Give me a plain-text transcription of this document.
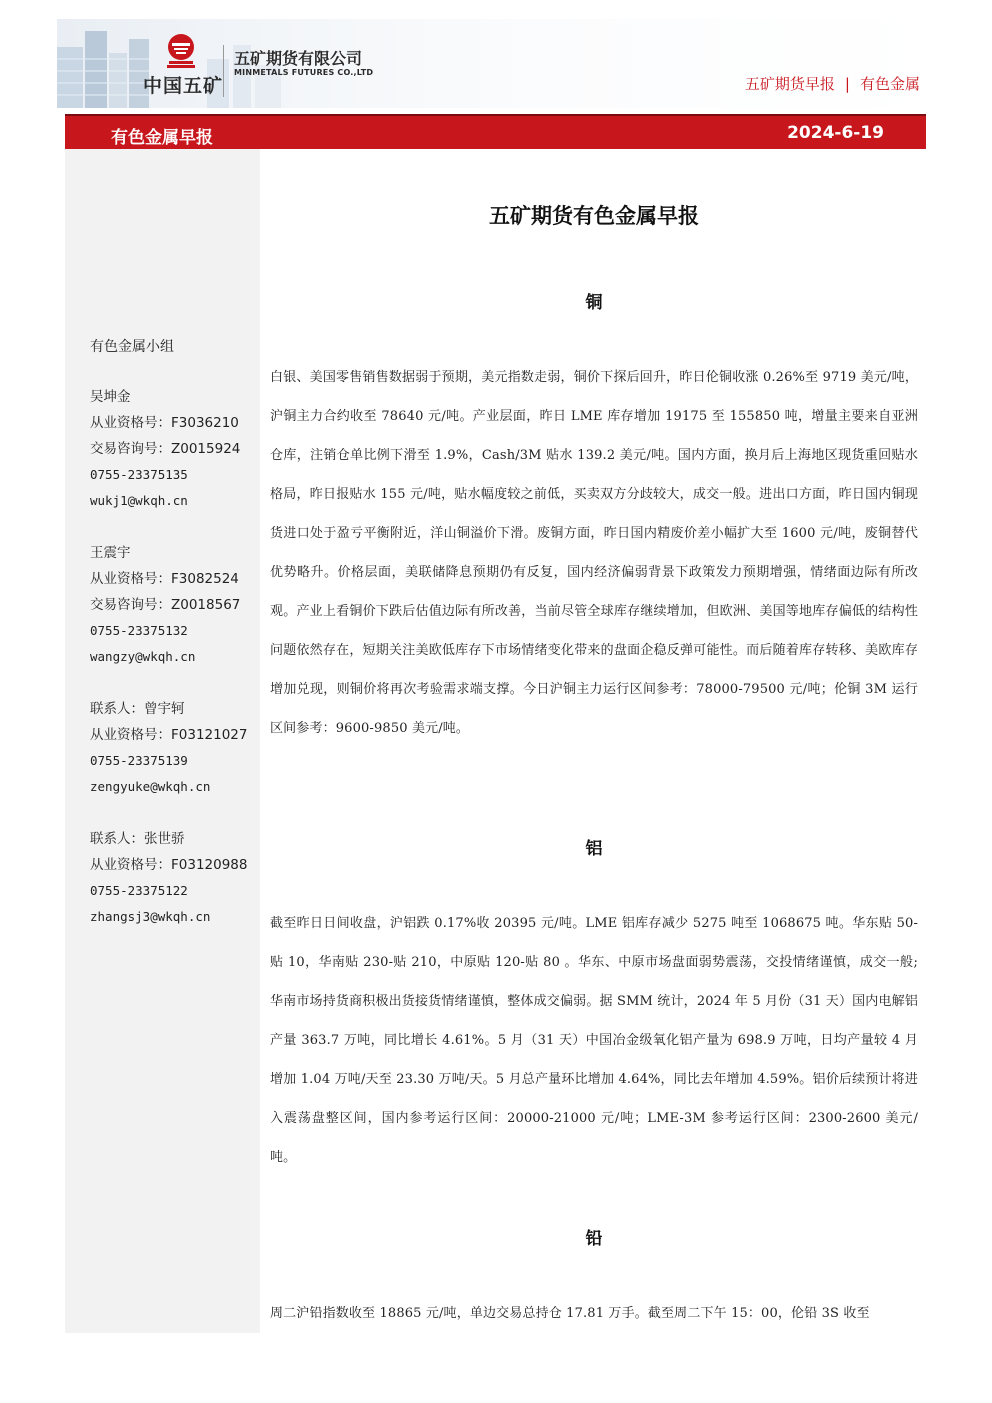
中国五矿
五矿期货有限公司
MINMETALS FUTURES CO.,LTD
五矿期货早报 | 有色金属
有色金属早报	2024-6-19
有色金属小组
吴坤金
从业资格号：F3036210
交易咨询号：Z0015924
0755-23375135
wukj1@wkqh.cn
王震宇
从业资格号：F3082524
交易咨询号：Z0018567
0755-23375132
wangzy@wkqh.cn
联系人：曾宇轲
从业资格号：F03121027
0755-23375139
zengyuke@wkqh.cn
联系人：张世骄
从业资格号：F03120988
0755-23375122
zhangsj3@wkqh.cn
五矿期货有色金属早报
铜

白银、美国零售销售数据弱于预期，美元指数走弱，铜价下探后回升，昨日伦铜收涨 0.26%至 9719 美元/吨，沪铜主力合约收至 78640 元/吨。产业层面，昨日 LME 库存增加 19175 至 155850 吨，增量主要来自亚洲仓库，注销仓单比例下滑至 1.9%，Cash/3M 贴水 139.2 美元/吨。国内方面，换月后上海地区现货重回贴水格局，昨日报贴水 155 元/吨，贴水幅度较之前低，买卖双方分歧较大，成交一般。进出口方面，昨日国内铜现货进口处于盈亏平衡附近，洋山铜溢价下滑。废铜方面，昨日国内精废价差小幅扩大至 1600 元/吨，废铜替代优势略升。价格层面，美联储降息预期仍有反复，国内经济偏弱背景下政策发力预期增强，情绪面边际有所改观。产业上看铜价下跌后估值边际有所改善，当前尽管全球库存继续增加，但欧洲、美国等地库存偏低的结构性问题依然存在，短期关注美欧低库存下市场情绪变化带来的盘面企稳反弹可能性。而后随着库存转移、美欧库存增加兑现，则铜价将再次考验需求端支撑。今日沪铜主力运行区间参考：78000-79500 元/吨；伦铜 3M 运行区间参考：9600-9850 美元/吨。

铝

截至昨日日间收盘，沪铝跌 0.17%收 20395 元/吨。LME 铝库存减少 5275 吨至 1068675 吨。华东贴 50-贴 10，华南贴 230-贴 210，中原贴 120-贴 80 。华东、中原市场盘面弱势震荡，交投情绪谨慎，成交一般;华南市场持货商积极出货接货情绪谨慎，整体成交偏弱。据 SMM 统计，2024 年 5 月份（31 天）国内电解铝产量 363.7 万吨，同比增长 4.61%。5 月（31 天）中国冶金级氧化铝产量为 698.9 万吨，日均产量较 4 月增加 1.04 万吨/天至 23.30 万吨/天。5 月总产量环比增加 4.64%，同比去年增加 4.59%。铝价后续预计将进入震荡盘整区间，国内参考运行区间：20000-21000 元/吨；LME-3M 参考运行区间：2300-2600 美元/吨。

铅

周二沪铅指数收至 18865 元/吨，单边交易总持仓 17.81 万手。截至周二下午 15：00，伦铅 3S 收至
